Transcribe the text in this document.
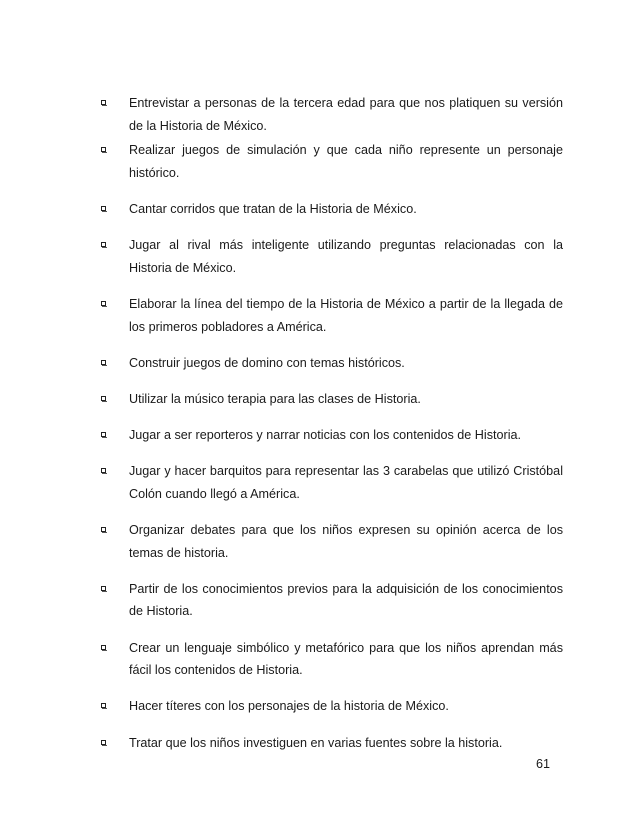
Entrevistar a personas de la tercera edad para que nos platiquen su versión de la Historia de México.
Realizar juegos de simulación y que cada niño represente un personaje histórico.
Cantar corridos que tratan de la Historia de México.
Jugar al rival más inteligente utilizando preguntas relacionadas con la Historia de México.
Elaborar la línea del tiempo de la Historia de México a partir de la llegada de los primeros pobladores a América.
Construir juegos de domino con temas históricos.
Utilizar la músico terapia para las clases de Historia.
Jugar a ser reporteros y narrar noticias con los contenidos de Historia.
Jugar y hacer barquitos para representar las 3 carabelas que utilizó Cristóbal Colón cuando llegó a América.
Organizar debates para que los niños expresen su opinión acerca de los temas de historia.
Partir de los conocimientos previos para la adquisición de los conocimientos de Historia.
Crear un lenguaje simbólico y metafórico para que los niños aprendan más fácil los contenidos de Historia.
Hacer títeres con los personajes de la historia de México.
Tratar que los niños investiguen en varias fuentes sobre la historia.
61
